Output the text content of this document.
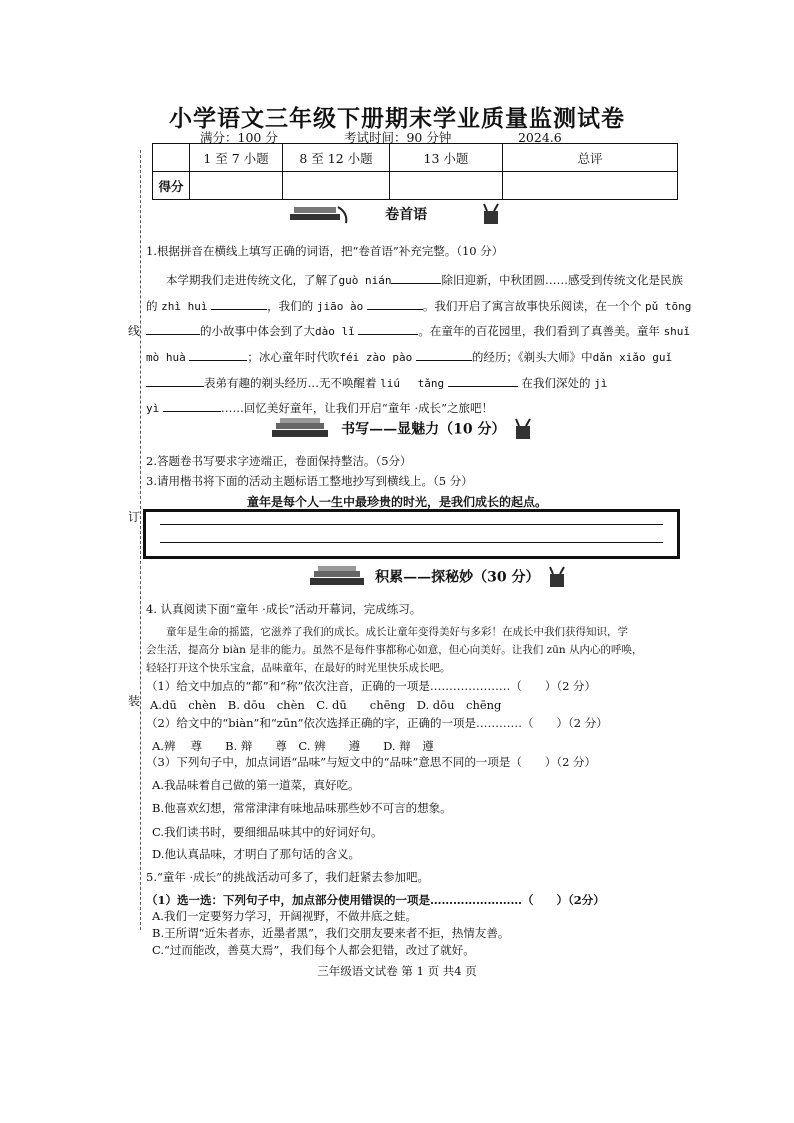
小学语文三年级下册期末学业质量监测试卷
满分：100 分	考试时间：90 分钟	2024.6
	1 至 7 小题	8 至 12 小题	13 小题	总评
得分				
线
订
装
卷首语
1.根据拼音在横线上填写正确的词语，把“卷首语”补充完整。（10 分）
本学期我们走进传统文化，了解了guò nián	除旧迎新，中秋团圆……感受到传统文化是民族
的 zhì huì	，我们的 jiāo ào	。我们开启了寓言故事快乐阅读，在一个个 pǔ tōng
的小故事中体会到了大dào lǐ	。在童年的百花园里，我们看到了真善美。童年 shuǐ
mò huà	；冰心童年时代吹féi zào pào	的经历；《剃头大师》中dǎn xiǎo guǐ
表弟有趣的剃头经历…无不唤醒着 liú　 tǎng	在我们深处的 jì
yì	……回忆美好童年，让我们开启“童年 ·成长”之旅吧！
书写——显魅力（10 分）
2.答题卷书写要求字迹端正，卷面保持整洁。（5分）
3.请用楷书将下面的活动主题标语工整地抄写到横线上。（5 分）
童年是每个人一生中最珍贵的时光，是我们成长的起点。
积累——探秘妙（30 分）
4. 认真阅读下面“童年 ·成长”活动开幕词，完成练习。
童年是生命的摇篮，它滋养了我们的成长。成长让童年变得美好与多彩！在成长中我们获得知识，学
会生活，提高分 biàn 是非的能力。虽然不是每件事都称心如意，但心向美好。让我们 zūn 从内心的呼唤，
轻轻打开这个快乐宝盒，品味童年，在最好的时光里快乐成长吧。
（1）给文中加点的“都”和“称”依次注音，正确的一项是…………………（　　）（2 分）
A.dū　chèn　B. dōu　chèn　C. dū　　chēng　D. dōu　chēng
（2）给文中的“biàn”和“zūn”依次选择正确的字，正确的一项是…………（　　）（2 分）
A.辨　 尊　　B. 辩　　尊　C. 辨　　遵　　D. 辩　遵
（3）下列句子中，加点词语“品味”与短文中的“品味”意思不同的一项是（　　）（2 分）
A.我品味着自己做的第一道菜，真好吃。
B.他喜欢幻想，常常津津有味地品味那些妙不可言的想象。
C.我们读书时，要细细品味其中的好词好句。
D.他认真品味，才明白了那句话的含义。
5.“童年 ·成长”的挑战活动可多了，我们赶紧去参加吧。
（1）选一选：下列句子中，加点部分使用错误的一项是……………………（　　）（2分）
A.我们一定要努力学习，开阔视野，不做井底之蛙。
B.王所谓“近朱者赤，近墨者黑”，我们交朋友要来者不拒，热情友善。
C.“过而能改，善莫大焉”，我们每个人都会犯错，改过了就好。
三年级语文试卷 第 1 页 共4 页
